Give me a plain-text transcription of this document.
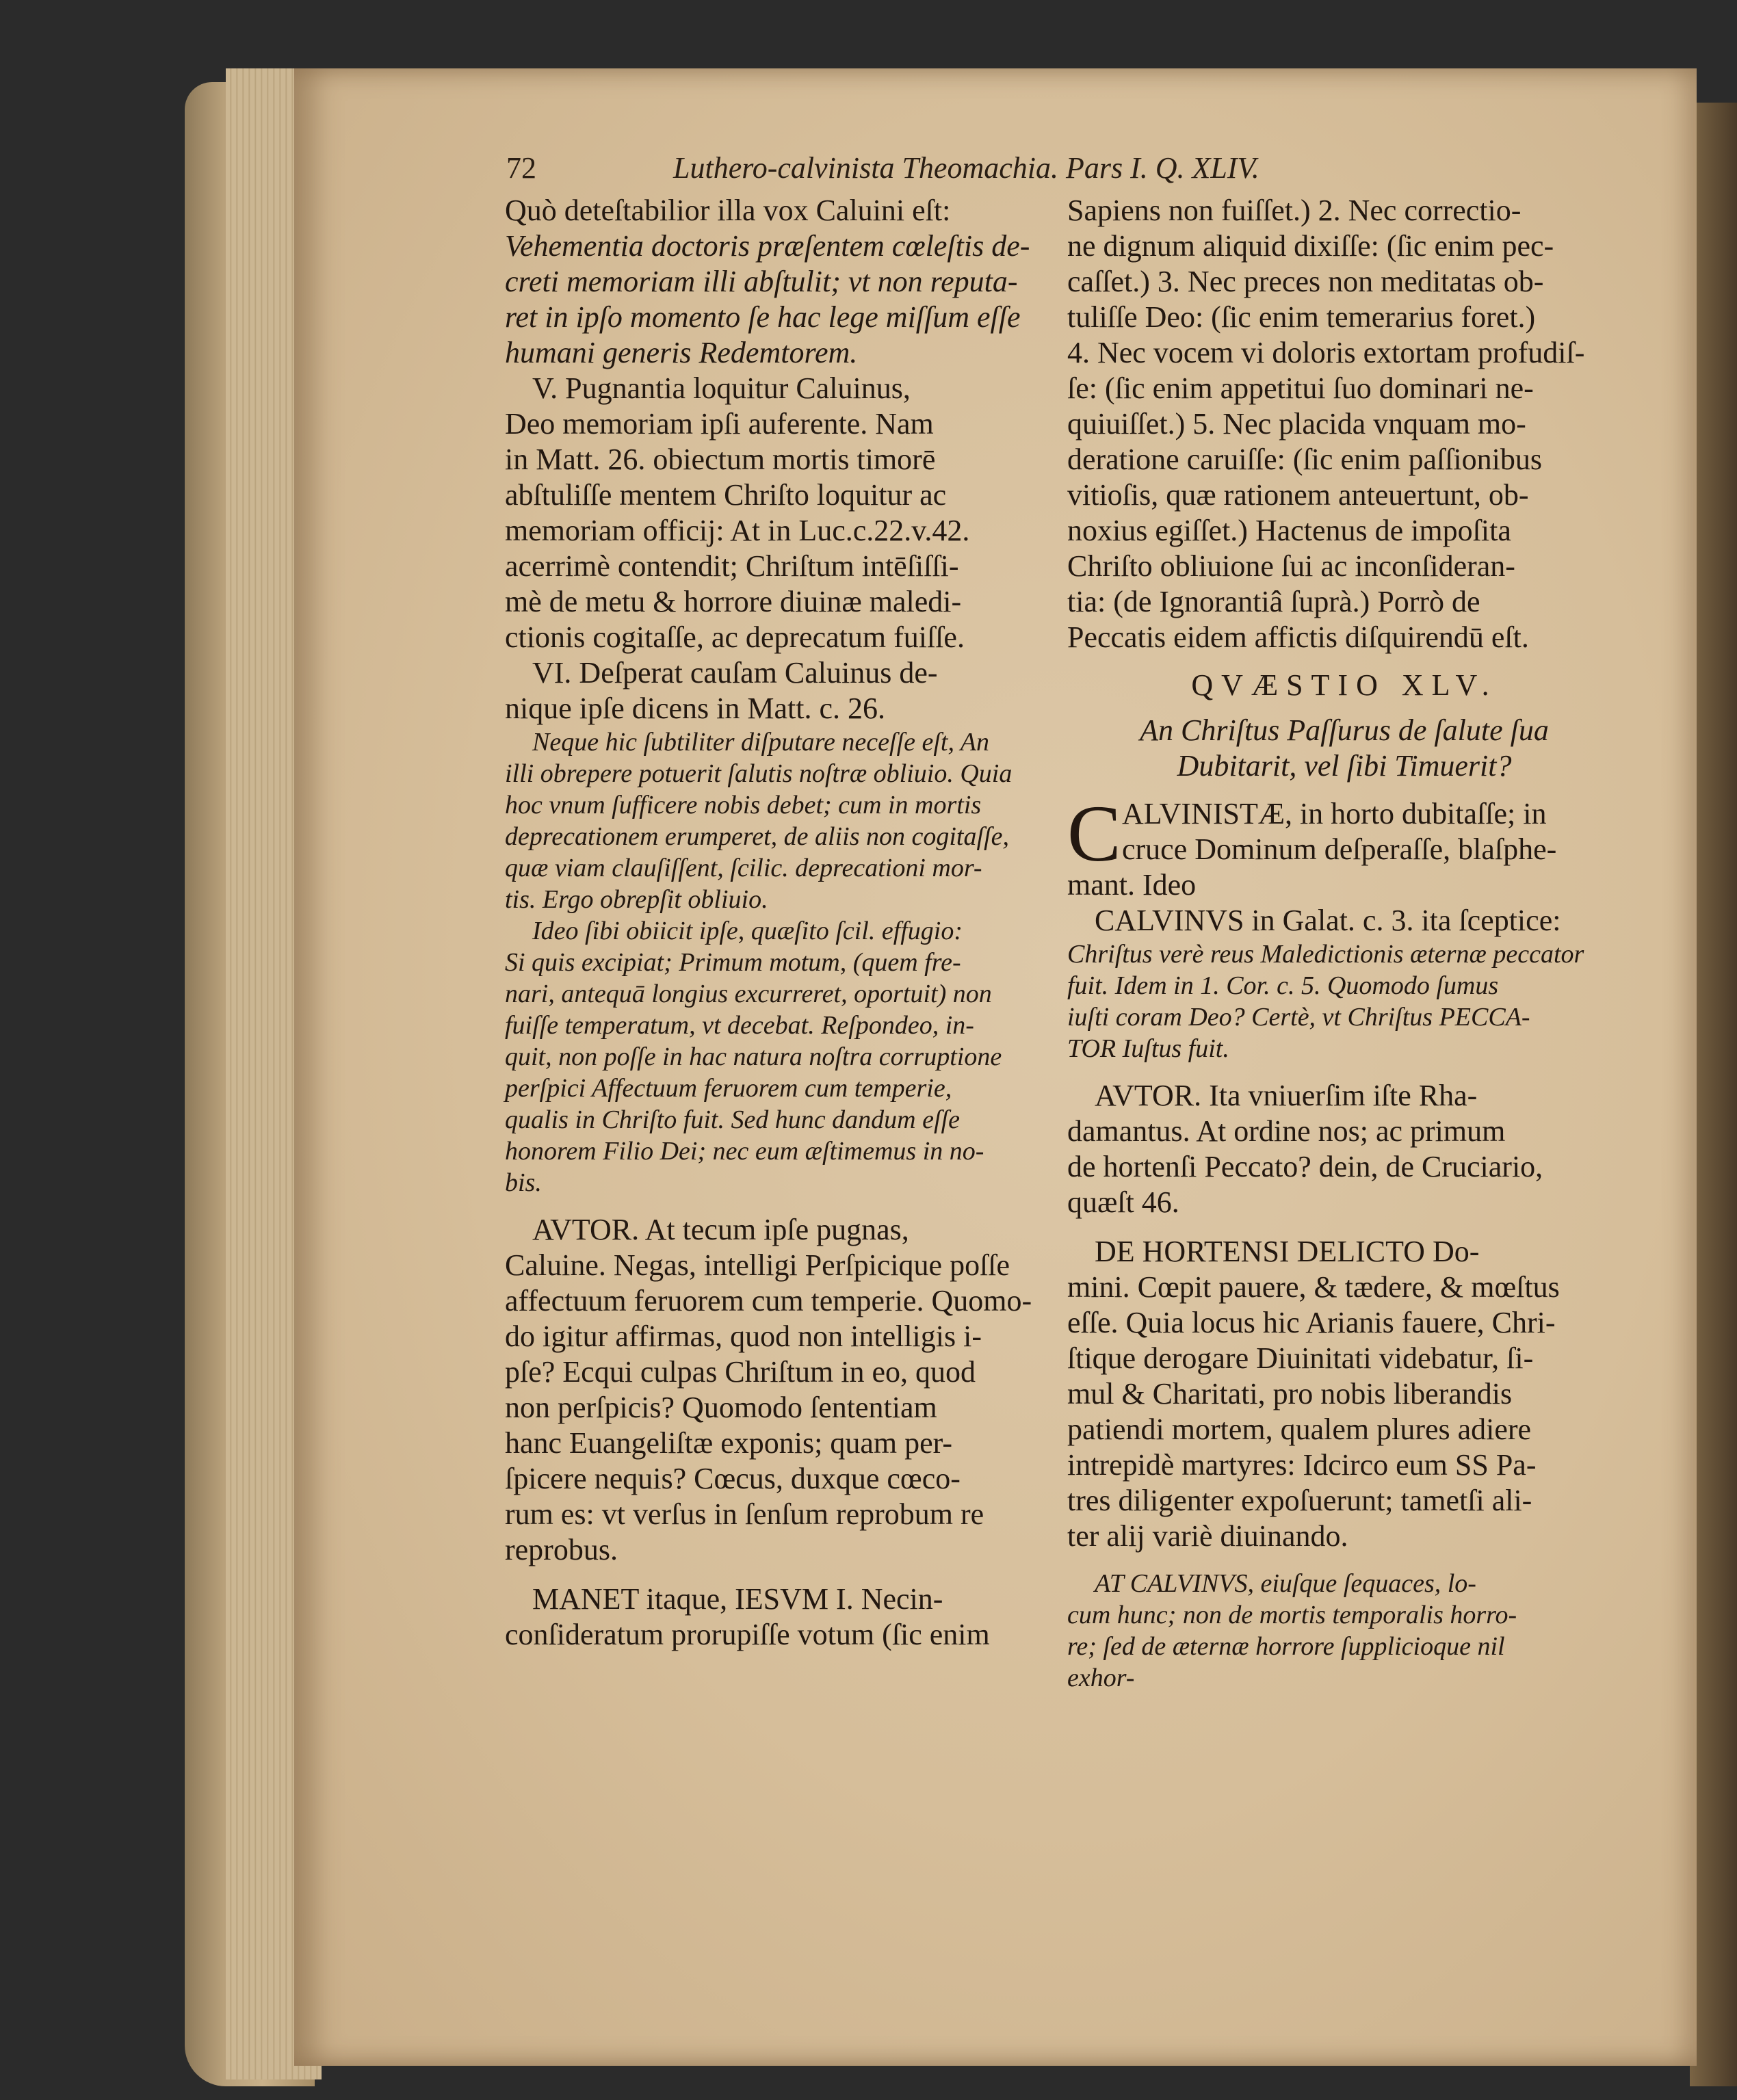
72	Luthero-calvinista Theomachia. Pars I. Q. XLIV.
Quò deteſtabilior illa vox Caluini eſt:
Vehementia doctoris præſentem cœleſtis de-
creti memoriam illi abſtulit; vt non reputa-
ret in ipſo momento ſe hac lege miſſum eſſe
humani generis Redemtorem.
V. Pugnantia loquitur Caluinus,
Deo memoriam ipſi auferente. Nam
in Matt. 26. obiectum mortis timorē
abſtuliſſe mentem Chriſto loquitur ac
memoriam officij: At in Luc.c.22.v.42.
acerrimè contendit; Chriſtum intēſiſſi-
mè de metu & horrore diuinæ maledi-
ctionis cogitaſſe, ac deprecatum fuiſſe.
VI. Deſperat cauſam Caluinus de-
nique ipſe dicens in Matt. c. 26.
Neque hic ſubtiliter diſputare neceſſe eſt, An
illi obrepere potuerit ſalutis noſtræ obliuio. Quia
hoc vnum ſufficere nobis debet; cum in mortis
deprecationem erumperet, de aliis non cogitaſſe,
quæ viam clauſiſſent, ſcilic. deprecationi mor-
tis. Ergo obrepſit obliuio.
Ideo ſibi obiicit ipſe, quæſito ſcil. effugio:
Si quis excipiat; Primum motum, (quem fre-
nari, antequā longius excurreret, oportuit) non
fuiſſe temperatum, vt decebat. Reſpondeo, in-
quit, non poſſe in hac natura noſtra corruptione
perſpici Affectuum feruorem cum temperie,
qualis in Chriſto fuit. Sed hunc dandum eſſe
honorem Filio Dei; nec eum æſtimemus in no-
bis.
AVTOR. At tecum ipſe pugnas,
Caluine. Negas, intelligi Perſpicique poſſe
affectuum feruorem cum temperie. Quomo-
do igitur affirmas, quod non intelligis i-
pſe? Ecqui culpas Chriſtum in eo, quod
non perſpicis? Quomodo ſententiam
hanc Euangeliſtæ exponis; quam per-
ſpicere nequis? Cœcus, duxque cœco-
rum es: vt verſus in ſenſum reprobum re
reprobus.
MANET itaque, IESVM I. Necin-
conſideratum prorupiſſe votum (ſic enim
Sapiens non fuiſſet.) 2. Nec correctio-
ne dignum aliquid dixiſſe: (ſic enim pec-
caſſet.) 3. Nec preces non meditatas ob-
tuliſſe Deo: (ſic enim temerarius foret.)
4. Nec vocem vi doloris extortam profudiſ-
ſe: (ſic enim appetitui ſuo dominari ne-
quiuiſſet.) 5. Nec placida vnquam mo-
deratione caruiſſe: (ſic enim paſſionibus
vitioſis, quæ rationem anteuertunt, ob-
noxius egiſſet.) Hactenus de impoſita
Chriſto obliuione ſui ac inconſideran-
tia: (de Ignorantiâ ſuprà.) Porrò de
Peccatis eidem affictis diſquirendū eſt.
QVÆSTIO XLV.
An Chriſtus Paſſurus de ſalute ſua
Dubitarit, vel ſibi Timuerit?
C ALVINISTÆ, in horto dubitaſſe; in
cruce Dominum deſperaſſe, blaſphe-
mant. Ideo
CALVINVS in Galat. c. 3. ita ſceptice:
Chriſtus verè reus Maledictionis æternæ peccator
fuit. Idem in 1. Cor. c. 5. Quomodo ſumus
iuſti coram Deo? Certè, vt Chriſtus PECCA-
TOR Iuſtus fuit.
AVTOR. Ita vniuerſim iſte Rha-
damantus. At ordine nos; ac primum
de hortenſi Peccato? dein, de Cruciario,
quæſt 46.
DE HORTENSI DELICTO Do-
mini. Cœpit pauere, & tædere, & mœſtus
eſſe. Quia locus hic Arianis fauere, Chri-
ſtique derogare Diuinitati videbatur, ſi-
mul & Charitati, pro nobis liberandis
patiendi mortem, qualem plures adiere
intrepidè martyres: Idcirco eum SS Pa-
tres diligenter expoſuerunt; tametſi ali-
ter alij variè diuinando.
AT CALVINVS, eiuſque ſequaces, lo-
cum hunc; non de mortis temporalis horro-
re; ſed de æternæ horrore ſupplicioque nil
exhor-
